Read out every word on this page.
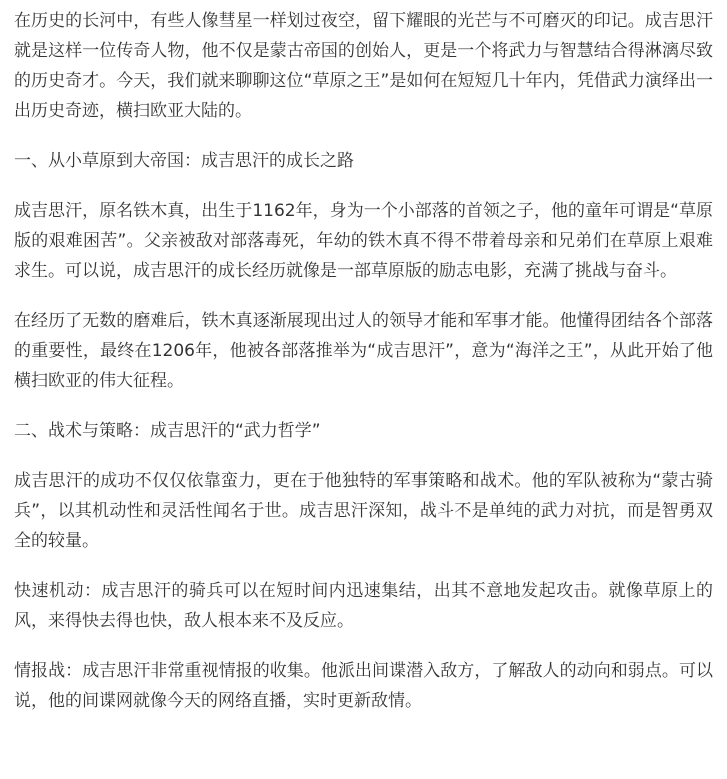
在历史的长河中，有些人像彗星一样划过夜空，留下耀眼的光芒与不可磨灭的印记。成吉思汗就是这样一位传奇人物，他不仅是蒙古帝国的创始人，更是一个将武力与智慧结合得淋漓尽致的历史奇才。今天，我们就来聊聊这位“草原之王”是如何在短短几十年内，凭借武力演绎出一出历史奇迹，横扫欧亚大陆的。

一、从小草原到大帝国：成吉思汗的成长之路

成吉思汗，原名铁木真，出生于1162年，身为一个小部落的首领之子，他的童年可谓是“草原版的艰难困苦”。父亲被敌对部落毒死，年幼的铁木真不得不带着母亲和兄弟们在草原上艰难求生。可以说，成吉思汗的成长经历就像是一部草原版的励志电影，充满了挑战与奋斗。

在经历了无数的磨难后，铁木真逐渐展现出过人的领导才能和军事才能。他懂得团结各个部落的重要性，最终在1206年，他被各部落推举为“成吉思汗”，意为“海洋之王”，从此开始了他横扫欧亚的伟大征程。

二、战术与策略：成吉思汗的“武力哲学”

成吉思汗的成功不仅仅依靠蛮力，更在于他独特的军事策略和战术。他的军队被称为“蒙古骑兵”，以其机动性和灵活性闻名于世。成吉思汗深知，战斗不是单纯的武力对抗，而是智勇双全的较量。

快速机动：成吉思汗的骑兵可以在短时间内迅速集结，出其不意地发起攻击。就像草原上的风，来得快去得也快，敌人根本来不及反应。

情报战：成吉思汗非常重视情报的收集。他派出间谍潜入敌方，了解敌人的动向和弱点。可以说，他的间谍网就像今天的网络直播，实时更新敌情。
